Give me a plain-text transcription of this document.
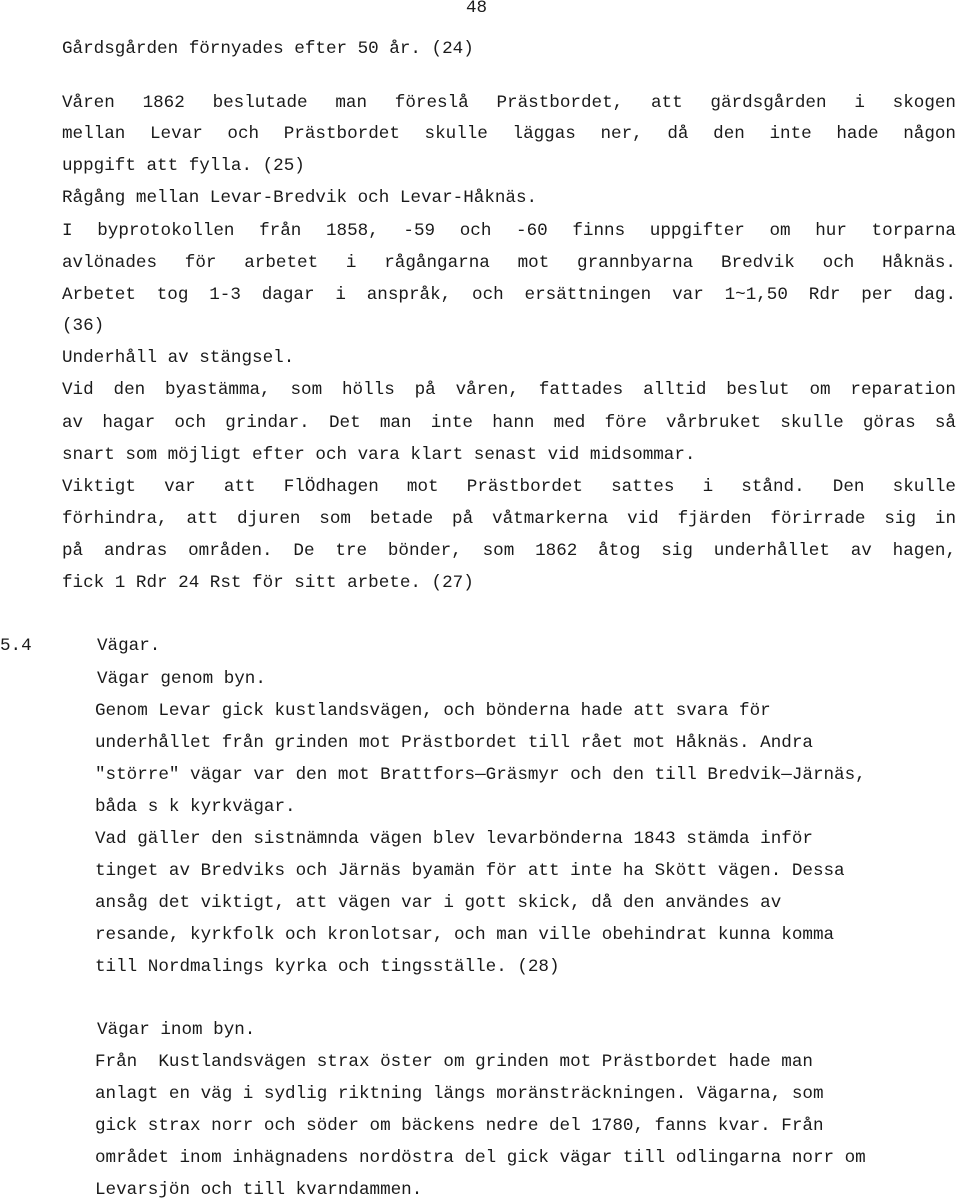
48
Gårdsgården förnyades efter 50 år. (24)
Våren 1862 beslutade man föreslå Prästbordet, att gärdsgården i skogen
mellan Levar och Prästbordet skulle läggas ner, då den inte hade någon
uppgift att fylla. (25)
Rågång mellan Levar-Bredvik och Levar-Håknäs.
I byprotokollen från 1858, -59 och -60 finns uppgifter om hur torparna
avlönades för arbetet i rågångarna mot grannbyarna Bredvik och Håknäs.
Arbetet tog 1-3 dagar i anspråk, och ersättningen var 1~1,50 Rdr per dag.
(36)
Underhåll av stängsel.
Vid den byastämma, som hölls på våren, fattades alltid beslut om reparation
av hagar och grindar. Det man inte hann med före vårbruket skulle göras så
snart som möjligt efter och vara klart senast vid midsommar.
Viktigt var att FlÖdhagen mot Prästbordet sattes i stånd. Den skulle
förhindra, att djuren som betade på våtmarkerna vid fjärden förirrade sig in
på andras områden. De tre bönder, som 1862 åtog sig underhållet av hagen,
fick 1 Rdr 24 Rst för sitt arbete. (27)
5.4	Vägar.
Vägar genom byn.
Genom Levar gick kustlandsvägen, och bönderna hade att svara för
underhållet från grinden mot Prästbordet till rået mot Håknäs. Andra
"större" vägar var den mot Brattfors—Gräsmyr och den till Bredvik—Järnäs,
båda s k kyrkvägar.
Vad gäller den sistnämnda vägen blev levarbönderna 1843 stämda inför
tinget av Bredviks och Järnäs byamän för att inte ha Skött vägen. Dessa
ansåg det viktigt, att vägen var i gott skick, då den användes av
resande, kyrkfolk och kronlotsar, och man ville obehindrat kunna komma
till Nordmalings kyrka och tingsställe. (28)
Vägar inom byn.
Från  Kustlandsvägen strax öster om grinden mot Prästbordet hade man
anlagt en väg i sydlig riktning längs moränsträckningen. Vägarna, som
gick strax norr och söder om bäckens nedre del 1780, fanns kvar. Från
området inom inhägnadens nordöstra del gick vägar till odlingarna norr om
Levarsjön och till kvarndammen.
